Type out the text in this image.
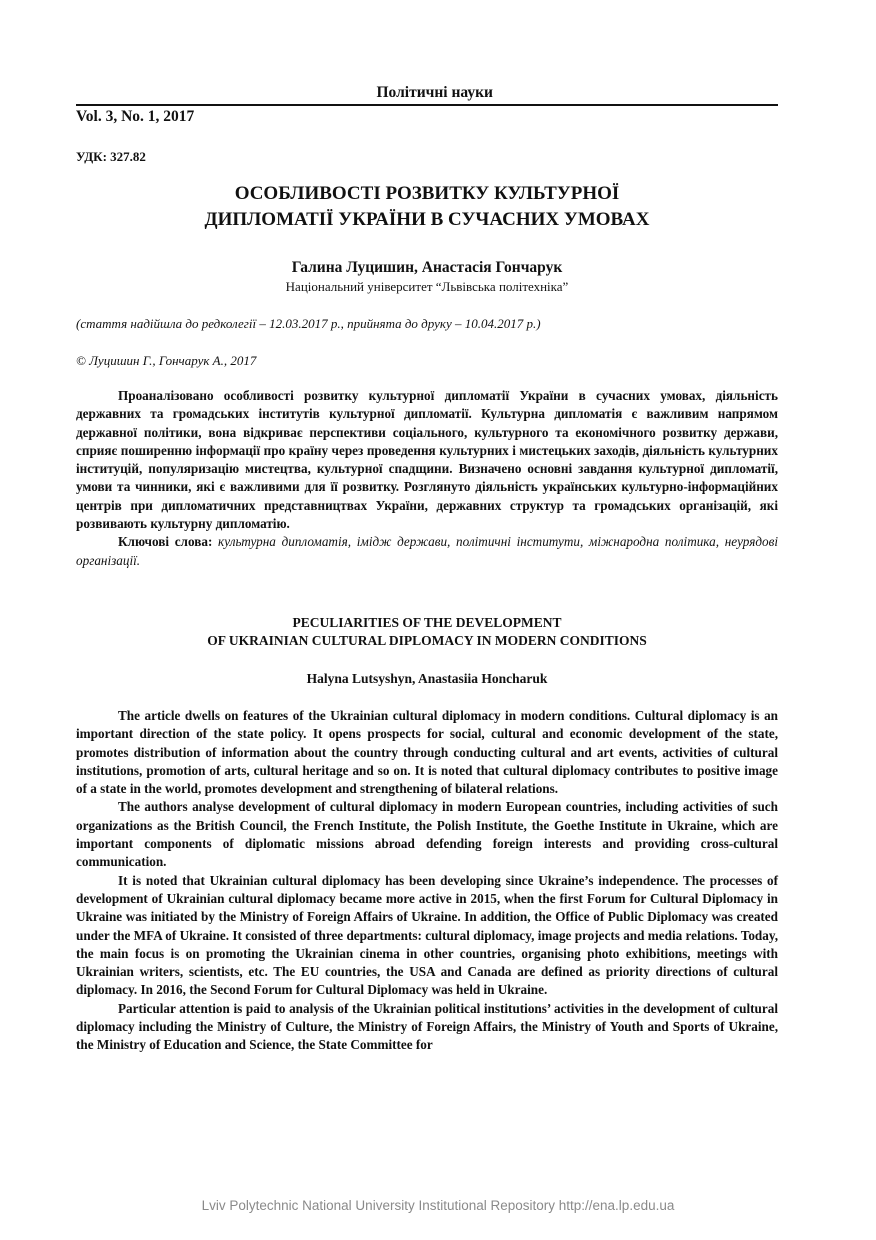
Політичні науки
Vol. 3, No. 1, 2017
УДК: 327.82
ОСОБЛИВОСТІ РОЗВИТКУ КУЛЬТУРНОЇ
ДИПЛОМАТІЇ УКРАЇНИ В СУЧАСНИХ УМОВАХ
Галина Луцишин, Анастасія Гончарук
Національний університет “Львівська політехніка”
(стаття надійшла до редколегії – 12.03.2017 р., прийнята до друку – 10.04.2017 р.)
© Луцишин Г., Гончарук А., 2017

Проаналізовано особливості розвитку культурної дипломатії України в сучасних умовах, діяльність державних та громадських інститутів культурної дипломатії. Культурна дипломатія є важливим напрямом державної політики, вона відкриває перспективи соціального, культурного та економічного розвитку держави, сприяє поширенню інформації про країну через проведення культурних і мистецьких заходів, діяльність культурних інституцій, популяризацію мистецтва, культурної спадщини. Визначено основні завдання культурної дипломатії, умови та чинники, які є важливими для її розвитку. Розглянуто діяльність українських культурно-інформаційних центрів при дипломатичних представництвах України, державних структур та громадських організацій, які розвивають культурну дипломатію.

Ключові слова: культурна дипломатія, імідж держави, політичні інститути, міжнародна політика, неурядові організації.

PECULIARITIES OF THE DEVELOPMENT
OF UKRAINIAN CULTURAL DIPLOMACY IN MODERN CONDITIONS
Halyna Lutsyshyn, Anastasiia Honcharuk

The article dwells on features of the Ukrainian cultural diplomacy in modern conditions. Cultural diplomacy is an important direction of the state policy. It opens prospects for social, cultural and economic development of the state, promotes distribution of information about the country through conducting cultural and art events, activities of cultural institutions, promotion of arts, cultural heritage and so on. It is noted that cultural diplomacy contributes to positive image of a state in the world, promotes development and strengthening of bilateral relations.

The authors analyse development of cultural diplomacy in modern European countries, including activities of such organizations as the British Council, the French Institute, the Polish Institute, the Goethe Institute in Ukraine, which are important components of diplomatic missions abroad defending foreign interests and providing cross-cultural communication.

It is noted that Ukrainian cultural diplomacy has been developing since Ukraine’s independence. The processes of development of Ukrainian cultural diplomacy became more active in 2015, when the first Forum for Cultural Diplomacy in Ukraine was initiated by the Ministry of Foreign Affairs of Ukraine. In addition, the Office of Public Diplomacy was created under the MFA of Ukraine. It consisted of three departments: cultural diplomacy, image projects and media relations. Today, the main focus is on promoting the Ukrainian cinema in other countries, organising photo exhibitions, meetings with Ukrainian writers, scientists, etc. The EU countries, the USA and Canada are defined as priority directions of cultural diplomacy. In 2016, the Second Forum for Cultural Diplomacy was held in Ukraine.

Particular attention is paid to analysis of the Ukrainian political institutions’ activities in the development of cultural diplomacy including the Ministry of Culture, the Ministry of Foreign Affairs, the Ministry of Youth and Sports of Ukraine, the Ministry of Education and Science, the State Committee for

Lviv Polytechnic National University Institutional Repository http://ena.lp.edu.ua
